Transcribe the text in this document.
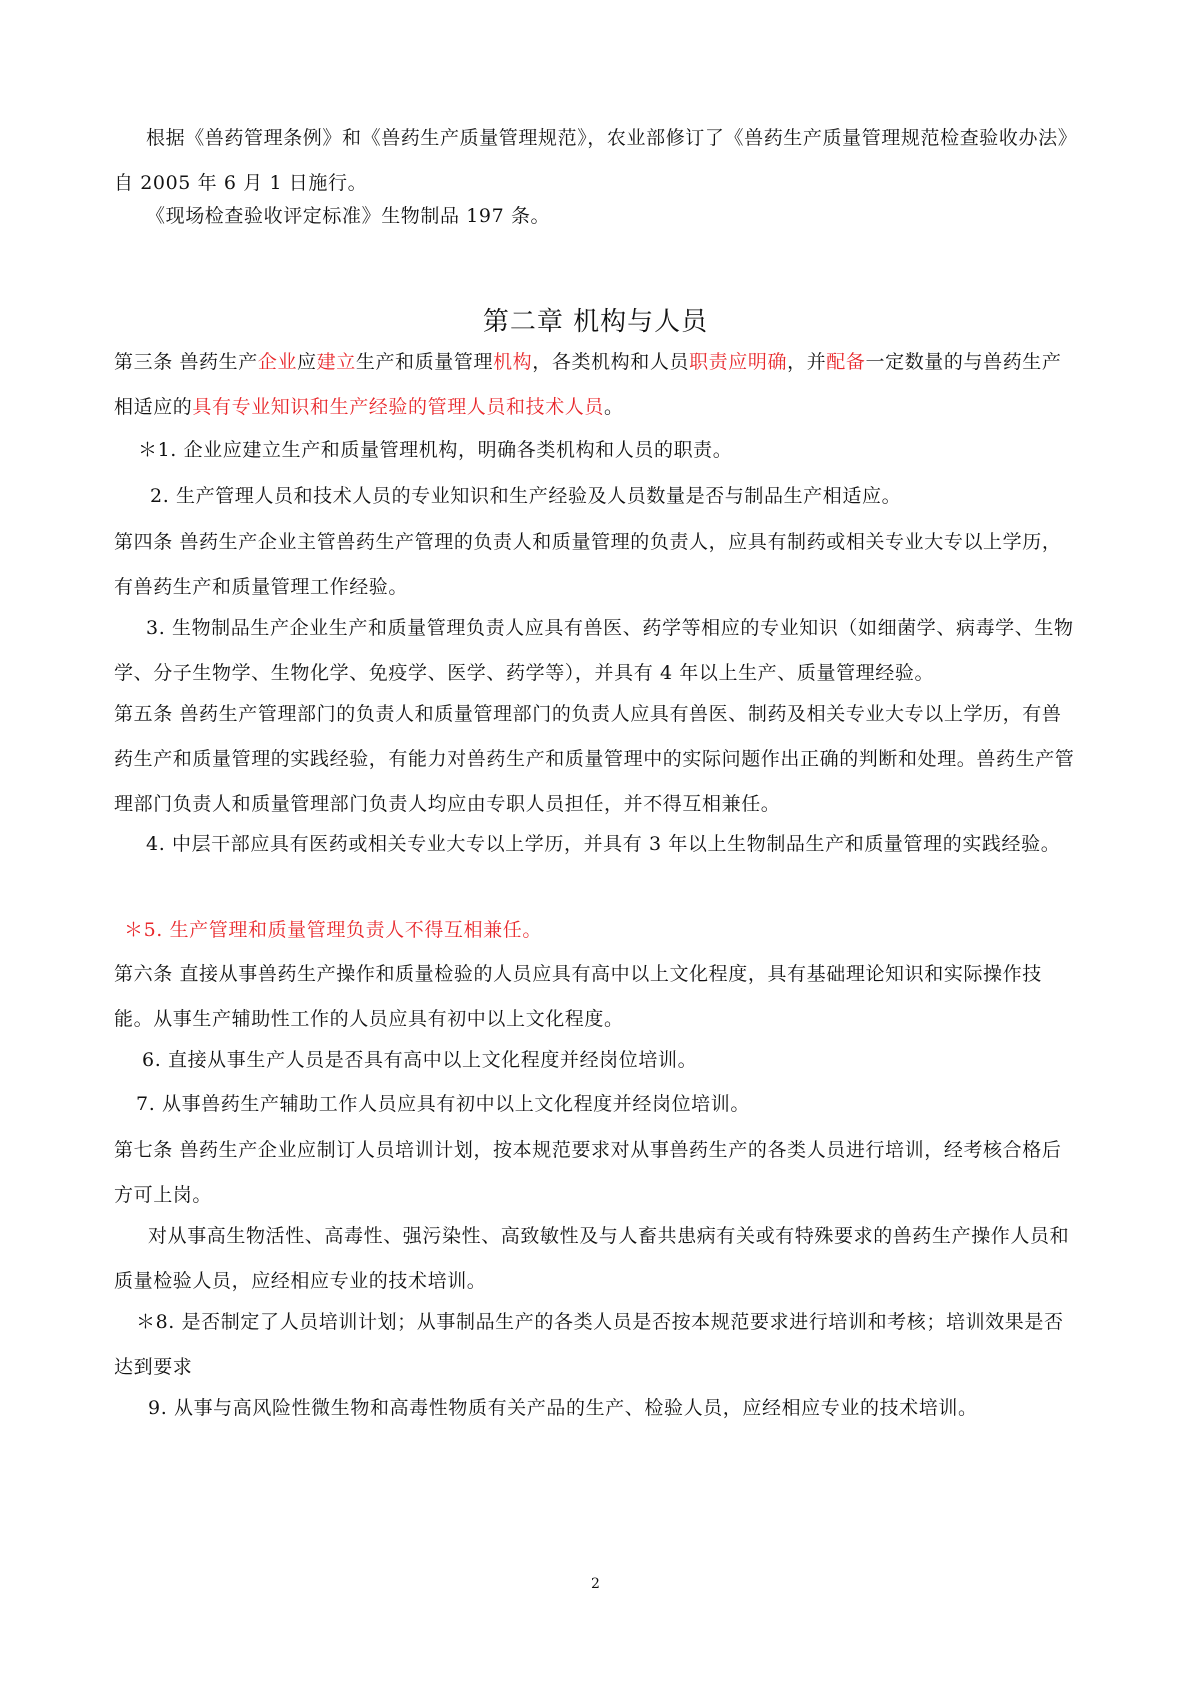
根据《兽药管理条例》和《兽药生产质量管理规范》，农业部修订了《兽药生产质量管理规范检查验收办法》自 2005 年 6 月 1 日施行。

《现场检查验收评定标准》生物制品 197 条。

第二章 机构与人员

第三条 兽药生产企业应建立生产和质量管理机构，各类机构和人员职责应明确，并配备一定数量的与兽药生产相适应的具有专业知识和生产经验的管理人员和技术人员。

＊1. 企业应建立生产和质量管理机构，明确各类机构和人员的职责。

2. 生产管理人员和技术人员的专业知识和生产经验及人员数量是否与制品生产相适应。

第四条 兽药生产企业主管兽药生产管理的负责人和质量管理的负责人，应具有制药或相关专业大专以上学历，有兽药生产和质量管理工作经验。

3. 生物制品生产企业生产和质量管理负责人应具有兽医、药学等相应的专业知识（如细菌学、病毒学、生物学、分子生物学、生物化学、免疫学、医学、药学等），并具有 4 年以上生产、质量管理经验。

第五条 兽药生产管理部门的负责人和质量管理部门的负责人应具有兽医、制药及相关专业大专以上学历，有兽药生产和质量管理的实践经验，有能力对兽药生产和质量管理中的实际问题作出正确的判断和处理。兽药生产管理部门负责人和质量管理部门负责人均应由专职人员担任，并不得互相兼任。

4. 中层干部应具有医药或相关专业大专以上学历，并具有 3 年以上生物制品生产和质量管理的实践经验。

＊5. 生产管理和质量管理负责人不得互相兼任。

第六条 直接从事兽药生产操作和质量检验的人员应具有高中以上文化程度，具有基础理论知识和实际操作技能。从事生产辅助性工作的人员应具有初中以上文化程度。

6. 直接从事生产人员是否具有高中以上文化程度并经岗位培训。

7. 从事兽药生产辅助工作人员应具有初中以上文化程度并经岗位培训。

第七条 兽药生产企业应制订人员培训计划，按本规范要求对从事兽药生产的各类人员进行培训，经考核合格后方可上岗。

对从事高生物活性、高毒性、强污染性、高致敏性及与人畜共患病有关或有特殊要求的兽药生产操作人员和质量检验人员，应经相应专业的技术培训。

＊8. 是否制定了人员培训计划；从事制品生产的各类人员是否按本规范要求进行培训和考核；培训效果是否达到要求

9. 从事与高风险性微生物和高毒性物质有关产品的生产、检验人员，应经相应专业的技术培训。

2
